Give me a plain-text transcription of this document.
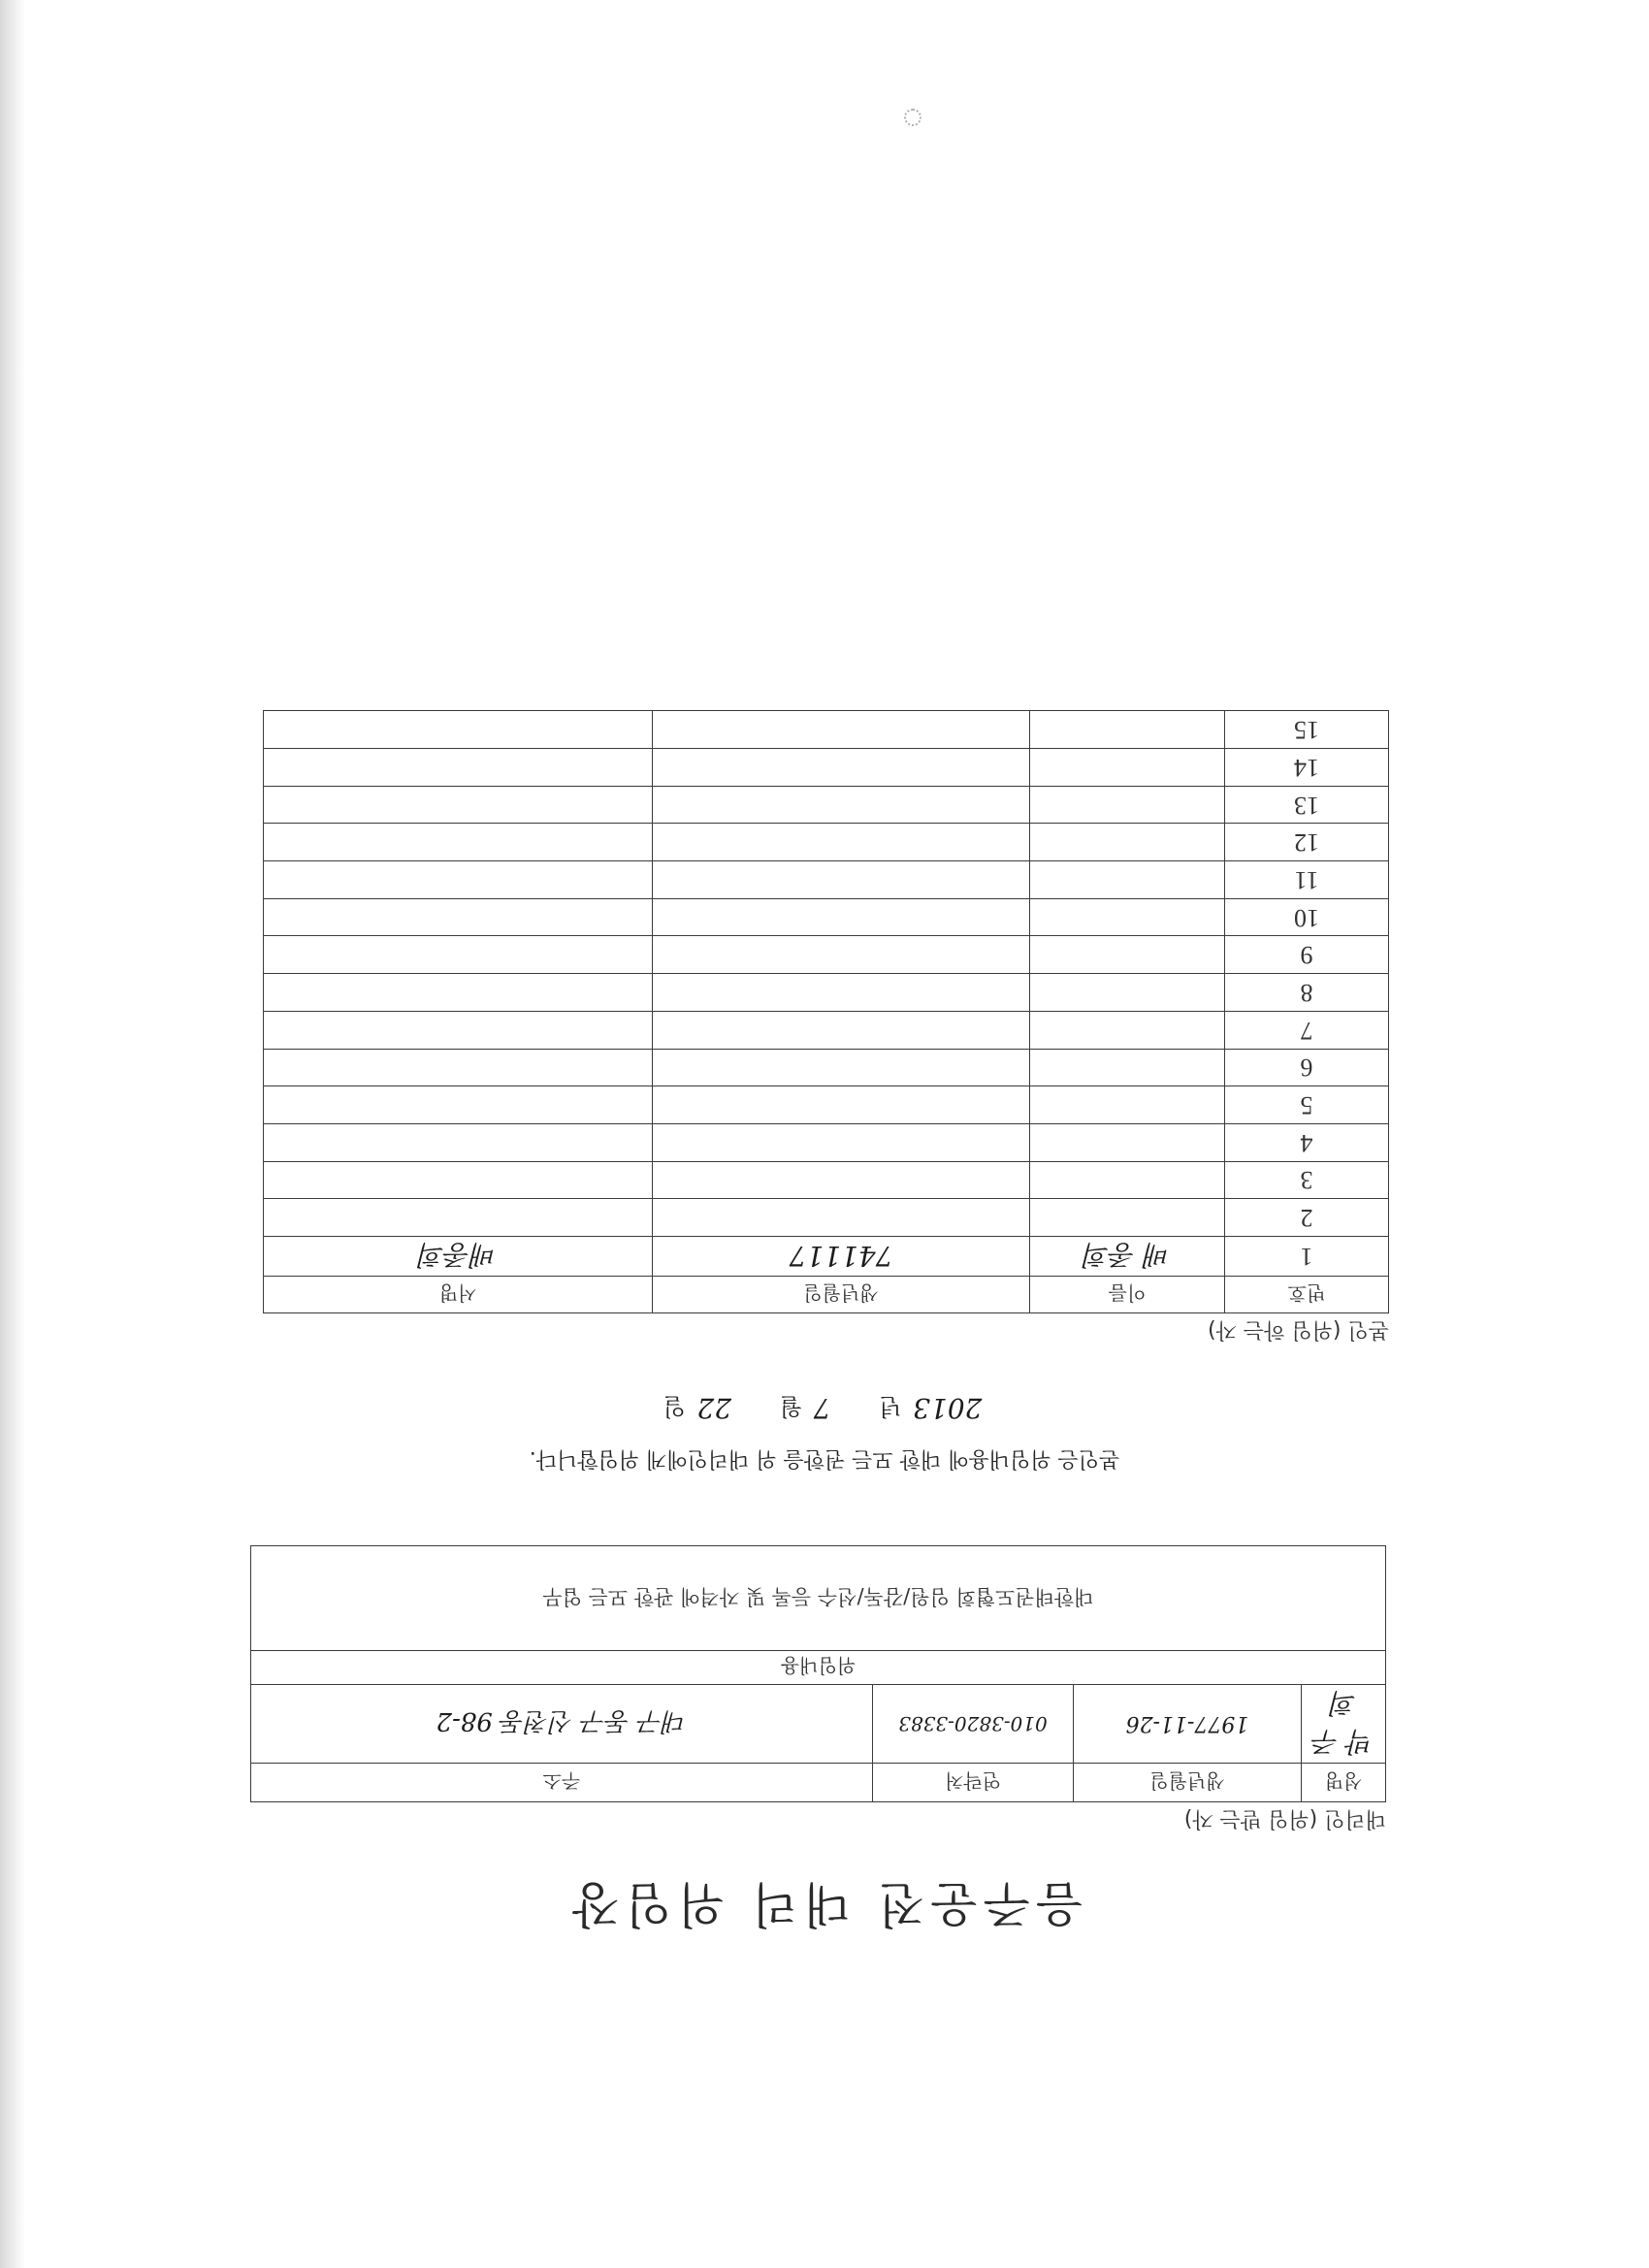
음주운전 대리 위임장
대리인 (위임 받는 자)
성명	생년월일	연락처	주소
박 주희	1977-11-26	010-3820-3383	대구 동구 신천동 98-2
위임내용			
대한태권도협회 임원/감독/선수 등록 및 자격에 관한 모든 업무			
본인은 위임내용에 대한 모든 권한을 위 대리인에게 위임합니다.
2013 년      7 월      22 일
본인 (위임 하는 자)
번호	이름	생년월일	서명
1	배 종희	741117	배종희
2			
3			
4			
5			
6			
7			
8			
9			
10			
11			
12			
13			
14			
15			
